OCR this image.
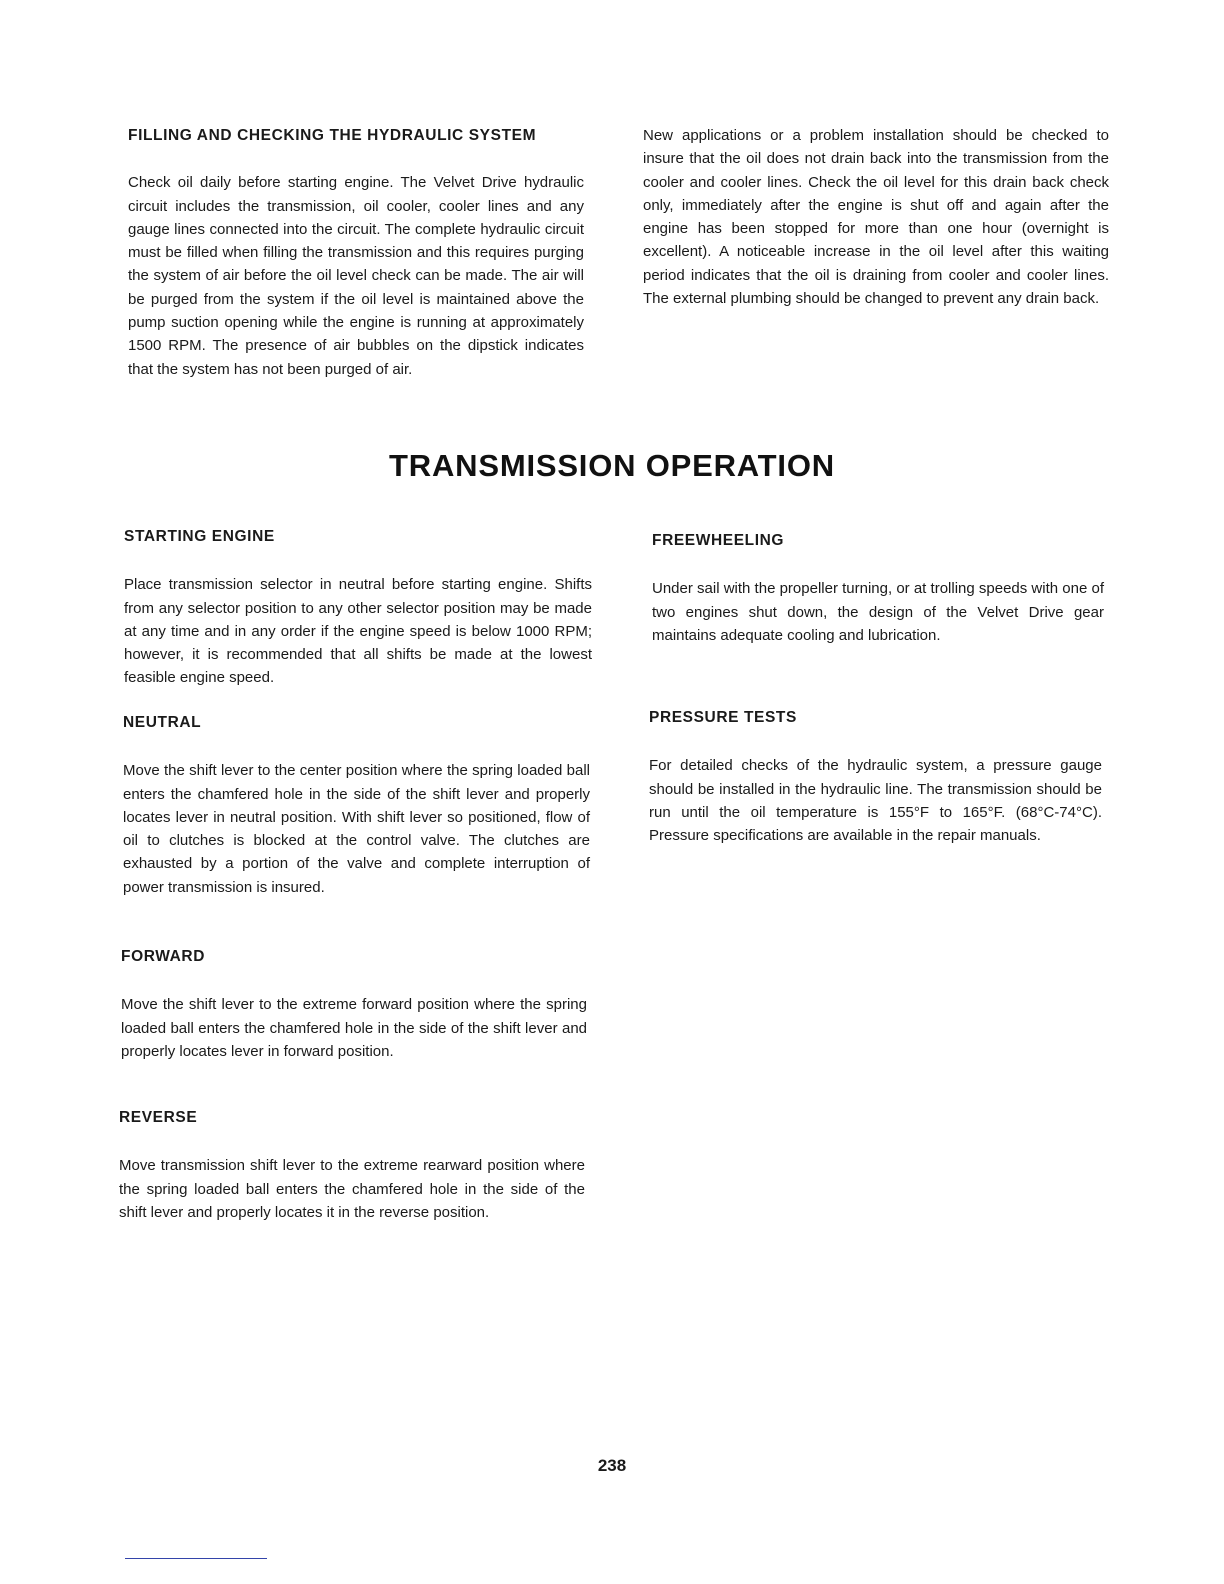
FILLING AND CHECKING THE HYDRAULIC SYSTEM

Check oil daily before starting engine. The Velvet Drive hydraulic circuit includes the transmission, oil cooler, cooler lines and any gauge lines connected into the circuit. The complete hydraulic circuit must be filled when filling the transmission and this requires purging the system of air before the oil level check can be made. The air will be purged from the system if the oil level is maintained above the pump suction opening while the engine is running at approximately 1500 RPM. The presence of air bubbles on the dipstick indicates that the system has not been purged of air.

New applications or a problem installation should be checked to insure that the oil does not drain back into the transmission from the cooler and cooler lines. Check the oil level for this drain back check only, immediately after the engine is shut off and again after the engine has been stopped for more than one hour (overnight is excellent). A noticeable increase in the oil level after this waiting period indicates that the oil is draining from cooler and cooler lines. The external plumbing should be changed to prevent any drain back.

TRANSMISSION OPERATION
STARTING ENGINE

Place transmission selector in neutral before starting engine. Shifts from any selector position to any other selector position may be made at any time and in any order if the engine speed is below 1000 RPM; however, it is recommended that all shifts be made at the lowest feasible engine speed.

NEUTRAL

Move the shift lever to the center position where the spring loaded ball enters the chamfered hole in the side of the shift lever and properly locates lever in neutral position. With shift lever so positioned, flow of oil to clutches is blocked at the control valve. The clutches are exhausted by a portion of the valve and complete interruption of power transmission is insured.

FORWARD

Move the shift lever to the extreme forward position where the spring loaded ball enters the chamfered hole in the side of the shift lever and properly locates lever in forward position.

REVERSE

Move transmission shift lever to the extreme rearward position where the spring loaded ball enters the chamfered hole in the side of the shift lever and properly locates it in the reverse position.

FREEWHEELING

Under sail with the propeller turning, or at trolling speeds with one of two engines shut down, the design of the Velvet Drive gear maintains adequate cooling and lubrication.

PRESSURE TESTS

For detailed checks of the hydraulic system, a pressure gauge should be installed in the hydraulic line. The transmission should be run until the oil temperature is 155°F to 165°F. (68°C-74°C). Pressure specifications are available in the repair manuals.

238
